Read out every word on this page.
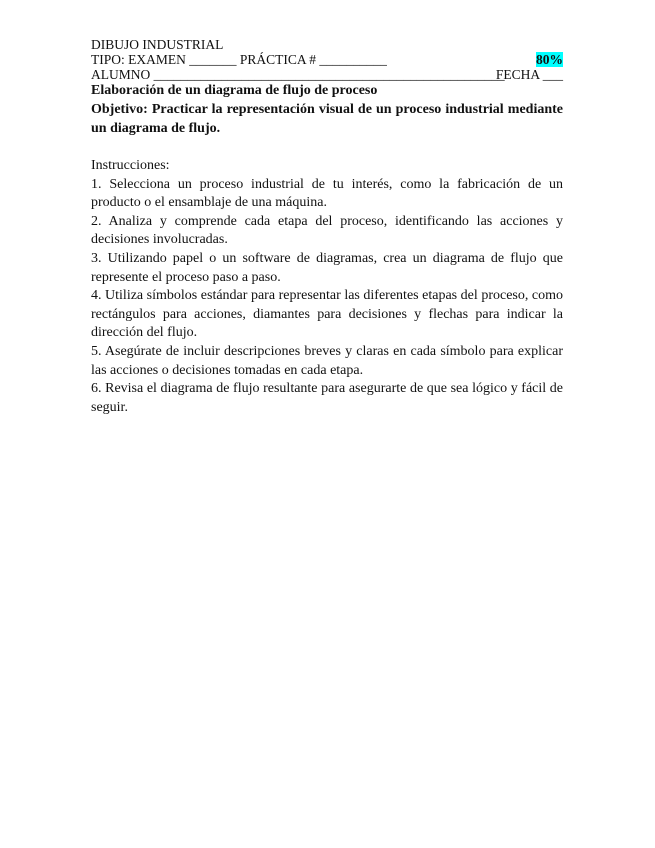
DIBUJO INDUSTRIAL
TIPO: EXAMEN _______ PRÁCTICA # __________	80%
ALUMNO ____________________________________________________
FECHA ___
Elaboración de un diagrama de flujo de proceso
Objetivo: Practicar la representación visual de un proceso industrial mediante un diagrama de flujo.
Instrucciones:
1. Selecciona un proceso industrial de tu interés, como la fabricación de un producto o el ensamblaje de una máquina.
2. Analiza y comprende cada etapa del proceso, identificando las acciones y decisiones involucradas.
3. Utilizando papel o un software de diagramas, crea un diagrama de flujo que represente el proceso paso a paso.
4. Utiliza símbolos estándar para representar las diferentes etapas del proceso, como rectángulos para acciones, diamantes para decisiones y flechas para indicar la dirección del flujo.
5. Asegúrate de incluir descripciones breves y claras en cada símbolo para explicar las acciones o decisiones tomadas en cada etapa.
6. Revisa el diagrama de flujo resultante para asegurarte de que sea lógico y fácil de seguir.
